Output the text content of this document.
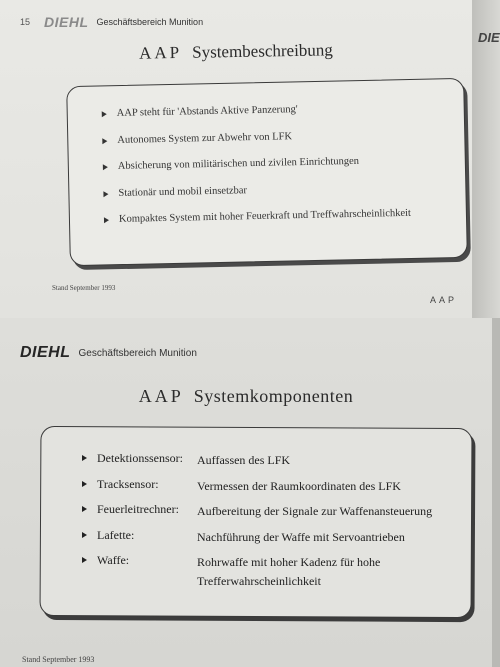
DIE
15 DIEHL Geschäftsbereich Munition
AAP Systembeschreibung
AAP steht für 'Abstands Aktive Panzerung'
Autonomes System zur Abwehr von LFK
Absicherung von militärischen und zivilen Einrichtungen
Stationär und mobil einsetzbar
Kompaktes System mit hoher Feuerkraft und Treffwahrscheinlichkeit
Stand September 1993
AAP
DIEHL Geschäftsbereich Munition
AAP Systemkomponenten
Detektionssensor:	Auffassen des LFK
Tracksensor:	Vermessen der Raumkoordinaten des LFK
Feuerleitrechner:	Aufbereitung der Signale zur Waffenansteuerung
Lafette:	Nachführung der Waffe mit Servoantrieben
Waffe:	Rohrwaffe mit hoher Kadenz für hohe Trefferwahrscheinlichkeit
Stand September 1993
